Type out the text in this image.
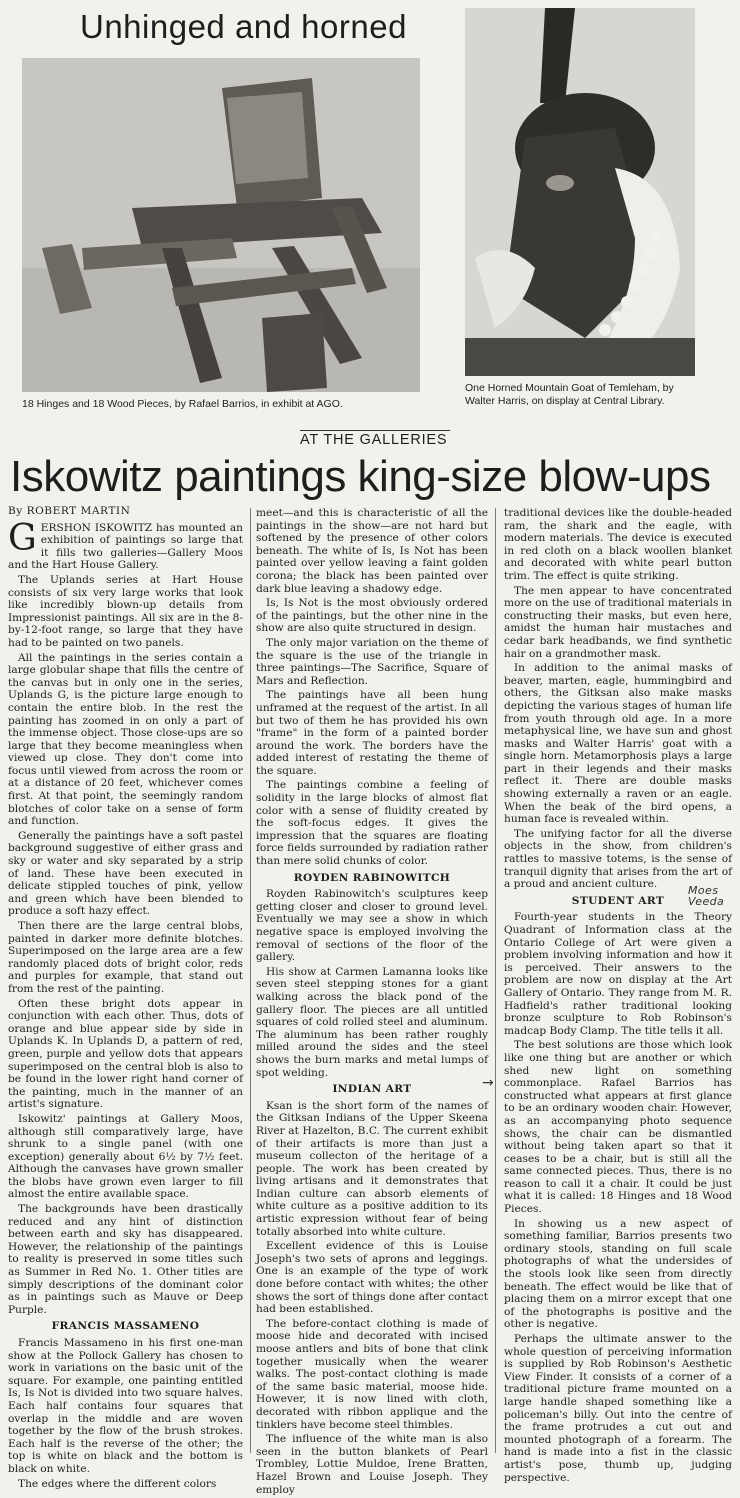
Unhinged and horned
18 Hinges and 18 Wood Pieces, by Rafael Barrios, in exhibit at AGO.
One Horned Mountain Goat of Temleham, by
Walter Harris, on display at Central Library.
AT THE GALLERIES
Iskowitz paintings king-size blow-ups
By ROBERT MARTIN

GERSHON ISKOWITZ has mounted an exhibition of paintings so large that it fills two galleries—Gallery Moos and the Hart House Gallery.

The Uplands series at Hart House consists of six very large works that look like incredibly blown-up details from Impressionist paintings. All six are in the 8- by-12-foot range, so large that they have had to be painted on two panels.

All the paintings in the series contain a large globular shape that fills the centre of the canvas but in only one in the series, Uplands G, is the picture large enough to contain the entire blob. In the rest the painting has zoomed in on only a part of the immense object. Those close-ups are so large that they become meaningless when viewed up close. They don't come into focus until viewed from across the room or at a distance of 20 feet, whichever comes first. At that point, the seemingly random blotches of color take on a sense of form and function.

Generally the paintings have a soft pastel background suggestive of either grass and sky or water and sky separated by a strip of land. These have been executed in delicate stippled touches of pink, yellow and green which have been blended to produce a soft hazy effect.

Then there are the large central blobs, painted in darker more definite blotches. Superimposed on the large area are a few randomly placed dots of bright color, reds and purples for example, that stand out from the rest of the painting.

Often these bright dots appear in conjunction with each other. Thus, dots of orange and blue appear side by side in Uplands K. In Uplands D, a pattern of red, green, purple and yellow dots that appears superimposed on the central blob is also to be found in the lower right hand corner of the painting, much in the manner of an artist's signature.

Iskowitz' paintings at Gallery Moos, although still comparatively large, have shrunk to a single panel (with one exception) generally about 6½ by 7½ feet. Although the canvases have grown smaller the blobs have grown even larger to fill almost the entire available space.

The backgrounds have been drastically reduced and any hint of distinction between earth and sky has disappeared. However, the relationship of the paintings to reality is preserved in some titles such as Summer in Red No. 1. Other titles are simply descriptions of the dominant color as in paintings such as Mauve or Deep Purple.

FRANCIS MASSAMENO

Francis Massameno in his first one-man show at the Pollock Gallery has chosen to work in variations on the basic unit of the square. For example, one painting entitled Is, Is Not is divided into two square halves. Each half contains four squares that overlap in the middle and are woven together by the flow of the brush strokes. Each half is the reverse of the other; the top is white on black and the bottom is black on white.

The edges where the different colors

meet—and this is characteristic of all the paintings in the show—are not hard but softened by the presence of other colors beneath. The white of Is, Is Not has been painted over yellow leaving a faint golden corona; the black has been painted over dark blue leaving a shadowy edge.

Is, Is Not is the most obviously ordered of the paintings, but the other nine in the show are also quite structured in design.

The only major variation on the theme of the square is the use of the triangle in three paintings—The Sacrifice, Square of Mars and Reflection.

The paintings have all been hung unframed at the request of the artist. In all but two of them he has provided his own "frame" in the form of a painted border around the work. The borders have the added interest of restating the theme of the square.

The paintings combine a feeling of solidity in the large blocks of almost flat color with a sense of fluidity created by the soft-focus edges. It gives the impression that the squares are floating force fields surrounded by radiation rather than mere solid chunks of color.

ROYDEN RABINOWITCH

Royden Rabinowitch's sculptures keep getting closer and closer to ground level. Eventually we may see a show in which negative space is employed involving the removal of sections of the floor of the gallery.

His show at Carmen Lamanna looks like seven steel stepping stones for a giant walking across the black pond of the gallery floor. The pieces are all untitled squares of cold rolled steel and aluminum. The aluminum has been rather roughly milled around the sides and the steel shows the burn marks and metal lumps of spot welding.

INDIAN ART

Ksan is the short form of the names of the Gitksan Indians of the Upper Skeena River at Hazelton, B.C. The current exhibit of their artifacts is more than just a museum collecton of the heritage of a people. The work has been created by living artisans and it demonstrates that Indian culture can absorb elements of white culture as a positive addition to its artistic expression without fear of being totally absorbed into white culture.

Excellent evidence of this is Louise Joseph's two sets of aprons and leggings. One is an example of the type of work done before contact with whites; the other shows the sort of things done after contact had been established.

The before-contact clothing is made of moose hide and decorated with incised moose antlers and bits of bone that clink together musically when the wearer walks. The post-contact clothing is made of the same basic material, moose hide. However, it is now lined with cloth, decorated with ribbon applique and the tinklers have become steel thimbles.

The influence of the white man is also seen in the button blankets of Pearl Trombley, Lottie Muldoe, Irene Bratten, Hazel Brown and Louise Joseph. They employ

traditional devices like the double-headed ram, the shark and the eagle, with modern materials. The device is executed in red cloth on a black woollen blanket and decorated with white pearl button trim. The effect is quite striking.

The men appear to have concentrated more on the use of traditional materials in constructing their masks, but even here, amidst the human hair mustaches and cedar bark headbands, we find synthetic hair on a grandmother mask.

In addition to the animal masks of beaver, marten, eagle, hummingbird and others, the Gitksan also make masks depicting the various stages of human life from youth through old age. In a more metaphysical line, we have sun and ghost masks and Walter Harris' goat with a single horn. Metamorphosis plays a large part in their legends and their masks reflect it. There are double masks showing externally a raven or an eagle. When the beak of the bird opens, a human face is revealed within.

The unifying factor for all the diverse objects in the show, from children's rattles to massive totems, is the sense of tranquil dignity that arises from the art of a proud and ancient culture.

STUDENT ART
Moes Veeda

Fourth-year students in the Theory Quadrant of Information class at the Ontario College of Art were given a problem involving information and how it is perceived. Their answers to the problem are now on display at the Art Gallery of Ontario. They range from M. R. Hadfield's rather traditional looking bronze sculpture to Rob Robinson's madcap Body Clamp. The title tells it all.

The best solutions are those which look like one thing but are another or which shed new light on something commonplace. Rafael Barrios has constructed what appears at first glance to be an ordinary wooden chair. However, as an accompanying photo sequence shows, the chair can be dismantled without being taken apart so that it ceases to be a chair, but is still all the same connected pieces. Thus, there is no reason to call it a chair. It could be just what it is called: 18 Hinges and 18 Wood Pieces.

In showing us a new aspect of something familiar, Barrios presents two ordinary stools, standing on full scale photographs of what the undersides of the stools look like seen from directly beneath. The effect would be like that of placing them on a mirror except that one of the photographs is positive and the other is negative.

Perhaps the ultimate answer to the whole question of perceiving information is supplied by Rob Robinson's Aesthetic View Finder. It consists of a corner of a traditional picture frame mounted on a large handle shaped something like a policeman's billy. Out into the centre of the frame protrudes a cut out and mounted photograph of a forearm. The hand is made into a fist in the classic artist's pose, thumb up, judging perspective.

→
